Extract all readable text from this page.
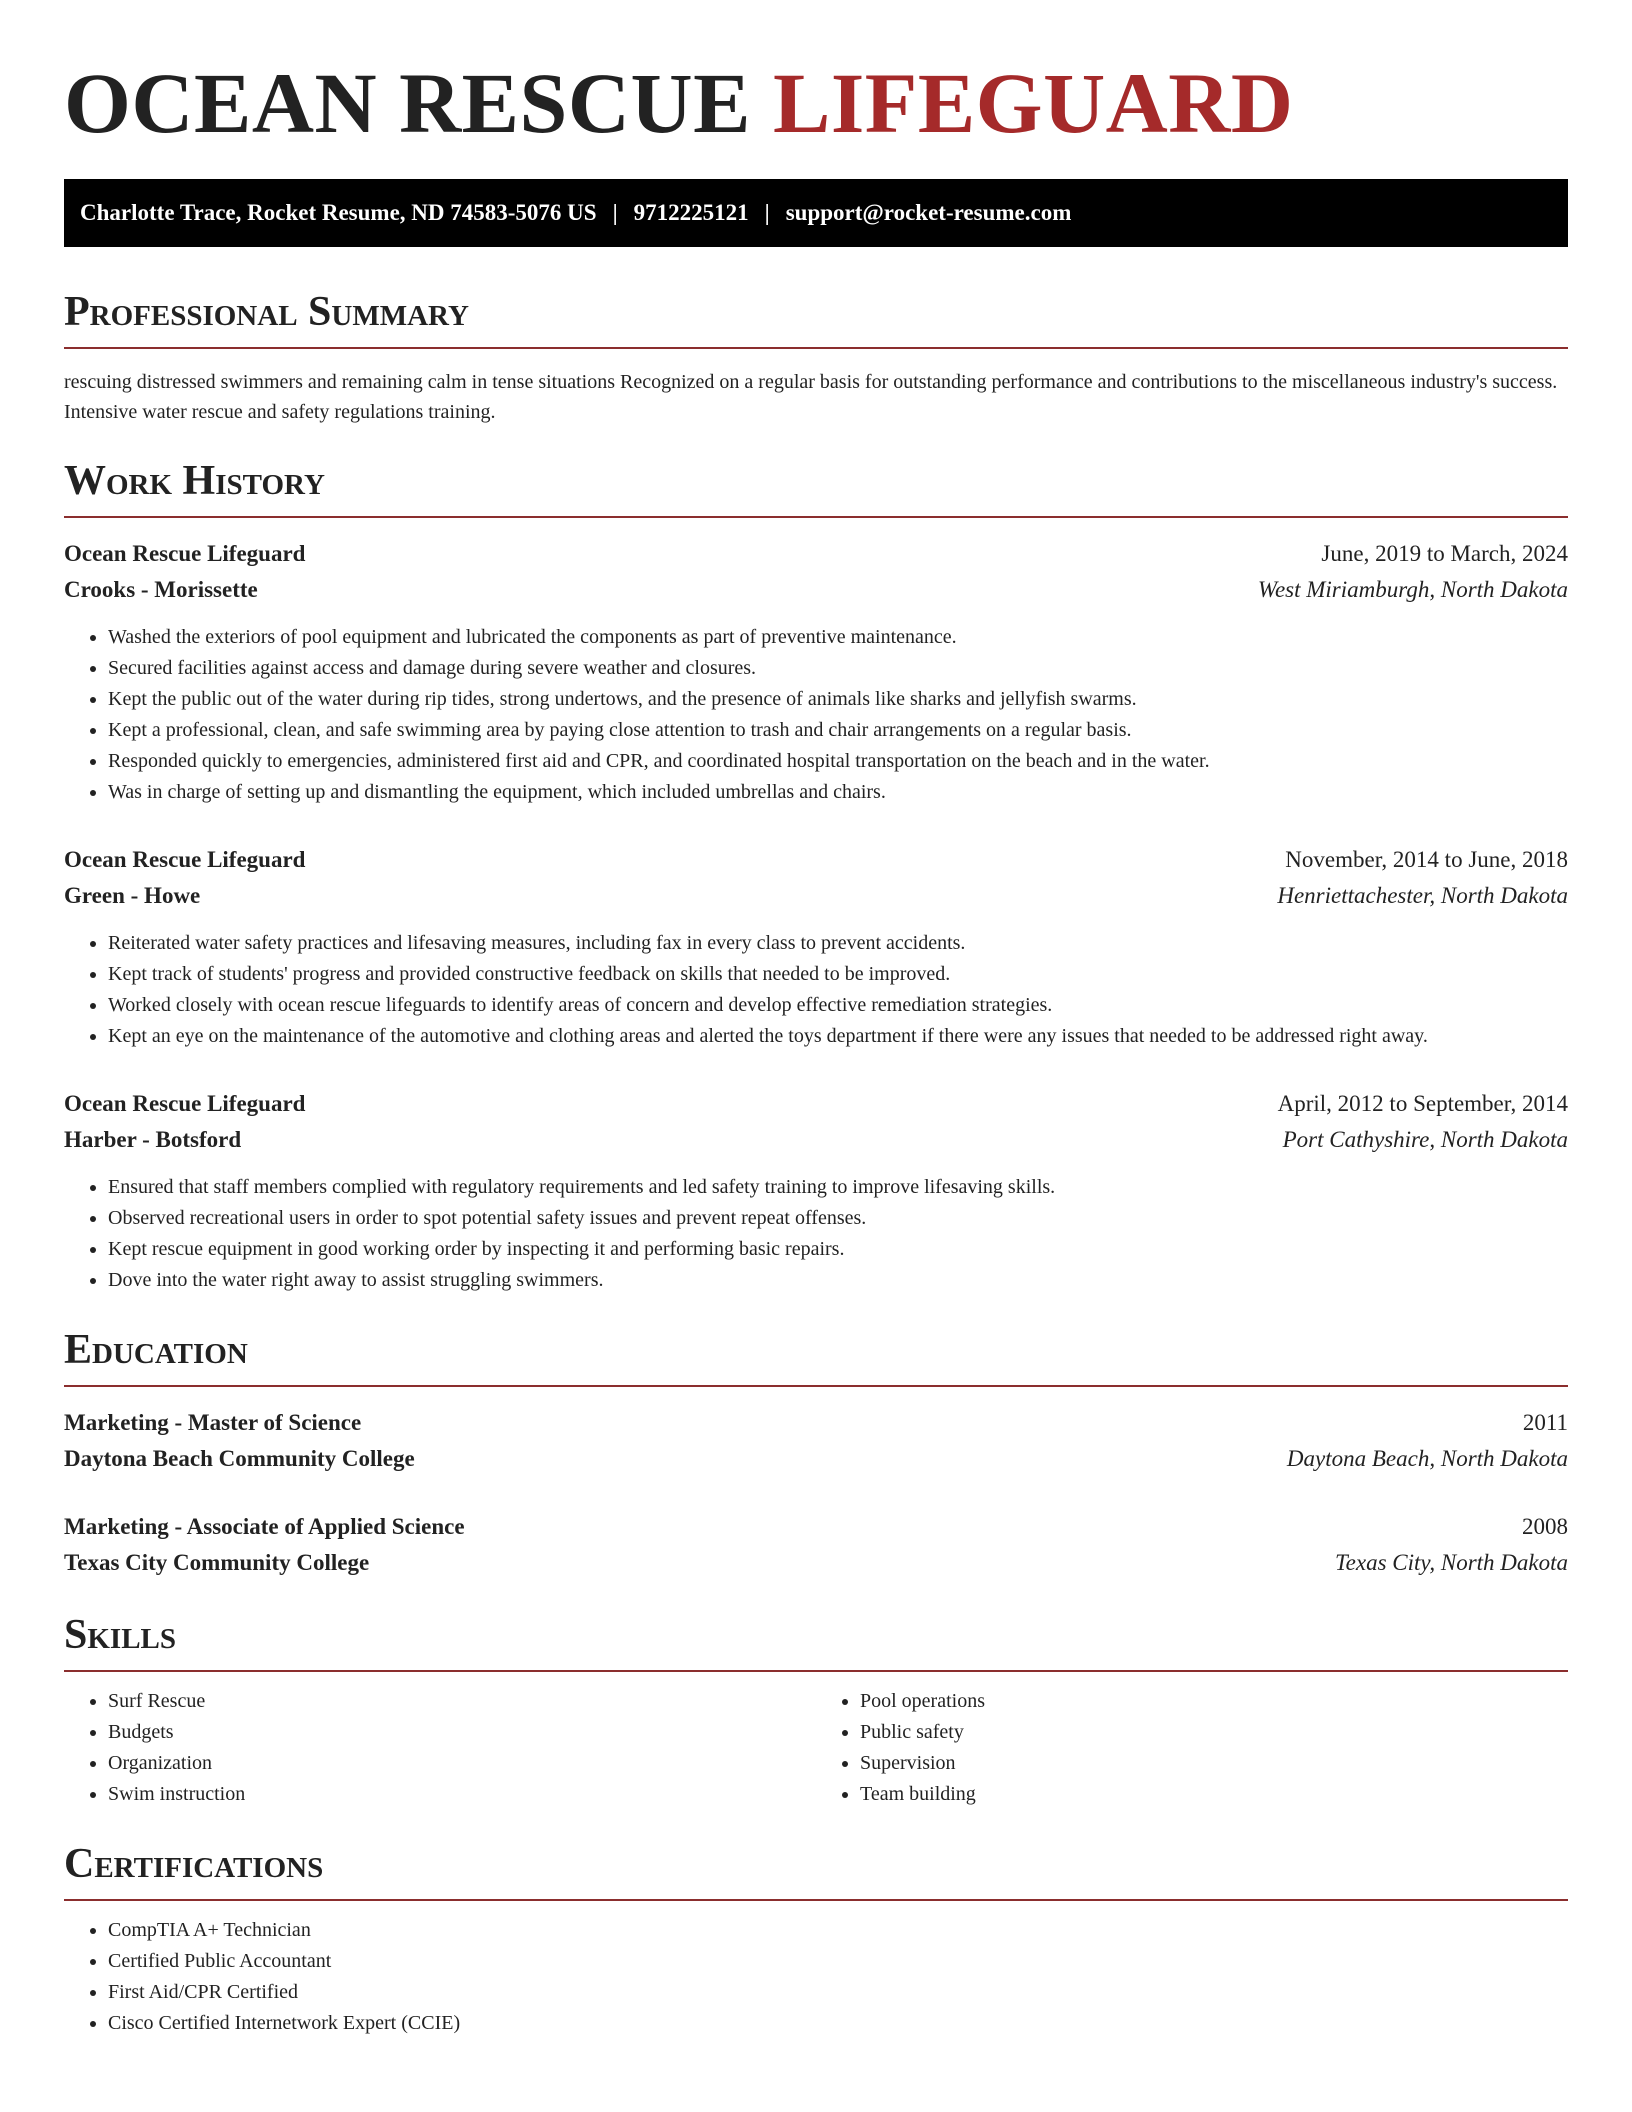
OCEAN RESCUE LIFEGUARD
Charlotte Trace, Rocket Resume, ND 74583-5076 US | 9712225121 | support@rocket-resume.com
Professional Summary

rescuing distressed swimmers and remaining calm in tense situations Recognized on a regular basis for outstanding performance and contributions to the miscellaneous industry's success. Intensive water rescue and safety regulations training.

Work History
Ocean Rescue Lifeguard	June, 2019 to March, 2024
Crooks - Morissette	West Miriamburgh, North Dakota
• Washed the exteriors of pool equipment and lubricated the components as part of preventive maintenance.
• Secured facilities against access and damage during severe weather and closures.
• Kept the public out of the water during rip tides, strong undertows, and the presence of animals like sharks and jellyfish swarms.
• Kept a professional, clean, and safe swimming area by paying close attention to trash and chair arrangements on a regular basis.
• Responded quickly to emergencies, administered first aid and CPR, and coordinated hospital transportation on the beach and in the water.
• Was in charge of setting up and dismantling the equipment, which included umbrellas and chairs.
Ocean Rescue Lifeguard	November, 2014 to June, 2018
Green - Howe	Henriettachester, North Dakota
• Reiterated water safety practices and lifesaving measures, including fax in every class to prevent accidents.
• Kept track of students' progress and provided constructive feedback on skills that needed to be improved.
• Worked closely with ocean rescue lifeguards to identify areas of concern and develop effective remediation strategies.
• Kept an eye on the maintenance of the automotive and clothing areas and alerted the toys department if there were any issues that needed to be addressed right away.
Ocean Rescue Lifeguard	April, 2012 to September, 2014
Harber - Botsford	Port Cathyshire, North Dakota
• Ensured that staff members complied with regulatory requirements and led safety training to improve lifesaving skills.
• Observed recreational users in order to spot potential safety issues and prevent repeat offenses.
• Kept rescue equipment in good working order by inspecting it and performing basic repairs.
• Dove into the water right away to assist struggling swimmers.
Education
Marketing - Master of Science	2011
Daytona Beach Community College	Daytona Beach, North Dakota
Marketing - Associate of Applied Science	2008
Texas City Community College	Texas City, North Dakota
Skills
• Surf Rescue
• Budgets
• Organization
• Swim instruction
• Pool operations
• Public safety
• Supervision
• Team building
Certifications
• CompTIA A+ Technician
• Certified Public Accountant
• First Aid/CPR Certified
• Cisco Certified Internetwork Expert (CCIE)
